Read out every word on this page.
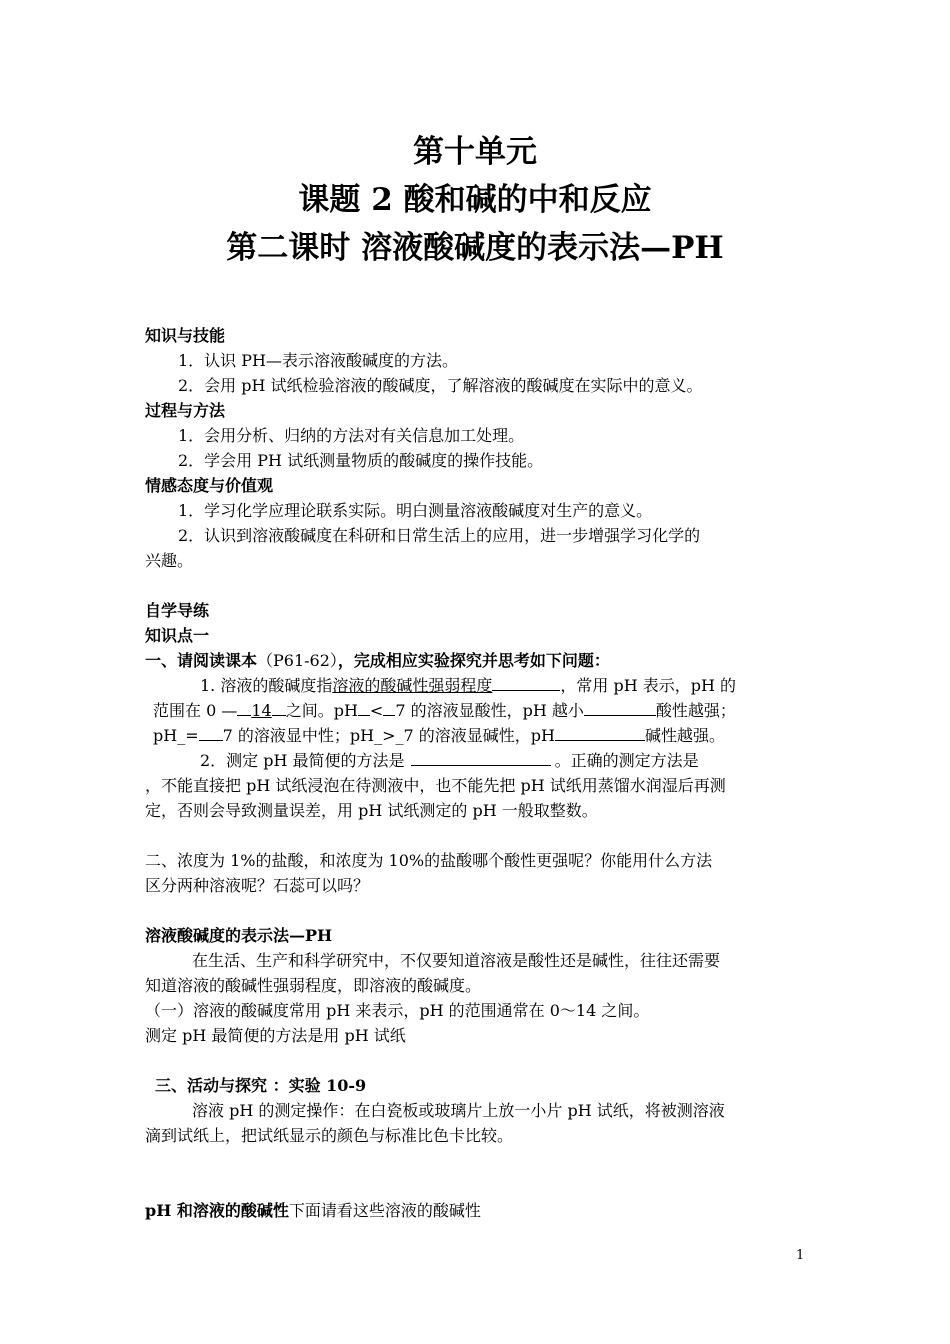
第十单元
课题 2 酸和碱的中和反应
第二课时 溶液酸碱度的表示法—PH
知识与技能
1．认识 PH—表示溶液酸碱度的方法。
2．会用 pH 试纸检验溶液的酸碱度，了解溶液的酸碱度在实际中的意义。
过程与方法
1．会用分析、归纳的方法对有关信息加工处理。
2．学会用 PH 试纸测量物质的酸碱度的操作技能。
情感态度与价值观
1．学习化学应理论联系实际。明白测量溶液酸碱度对生产的意义。
2．认识到溶液酸碱度在科研和日常生活上的应用，进一步增强学习化学的
兴趣。
自学导练
知识点一
一、请阅读课本（P61-62），完成相应实验探究并思考如下问题：
1. 溶液的酸碱度指溶液的酸碱性强弱程度	，常用 pH 表示，pH 的
范围在 0 — 14 之间。pH < 7 的溶液显酸性，pH 越小	酸性越强；
pH_= 7 的溶液显中性；pH_>_7 的溶液显碱性，pH	碱性越强。
2．测定 pH 最简便的方法是	。正确的测定方法是
，不能直接把 pH 试纸浸泡在待测液中，也不能先把 pH 试纸用蒸馏水润湿后再测
定，否则会导致测量误差，用 pH 试纸测定的 pH 一般取整数。
二、浓度为 1%的盐酸，和浓度为 10%的盐酸哪个酸性更强呢？你能用什么方法
区分两种溶液呢？石蕊可以吗？
溶液酸碱度的表示法—PH
在生活、生产和科学研究中，不仅要知道溶液是酸性还是碱性，往往还需要
知道溶液的酸碱性强弱程度，即溶液的酸碱度。
（一）溶液的酸碱度常用 pH 来表示，pH 的范围通常在 0～14 之间。
测定 pH 最简便的方法是用 pH 试纸
三、活动与探究 ：实验 10-9
溶液 pH 的测定操作：在白瓷板或玻璃片上放一小片 pH 试纸，将被测溶液
滴到试纸上，把试纸显示的颜色与标准比色卡比较。
pH 和溶液的酸碱性下面请看这些溶液的酸碱性
1
